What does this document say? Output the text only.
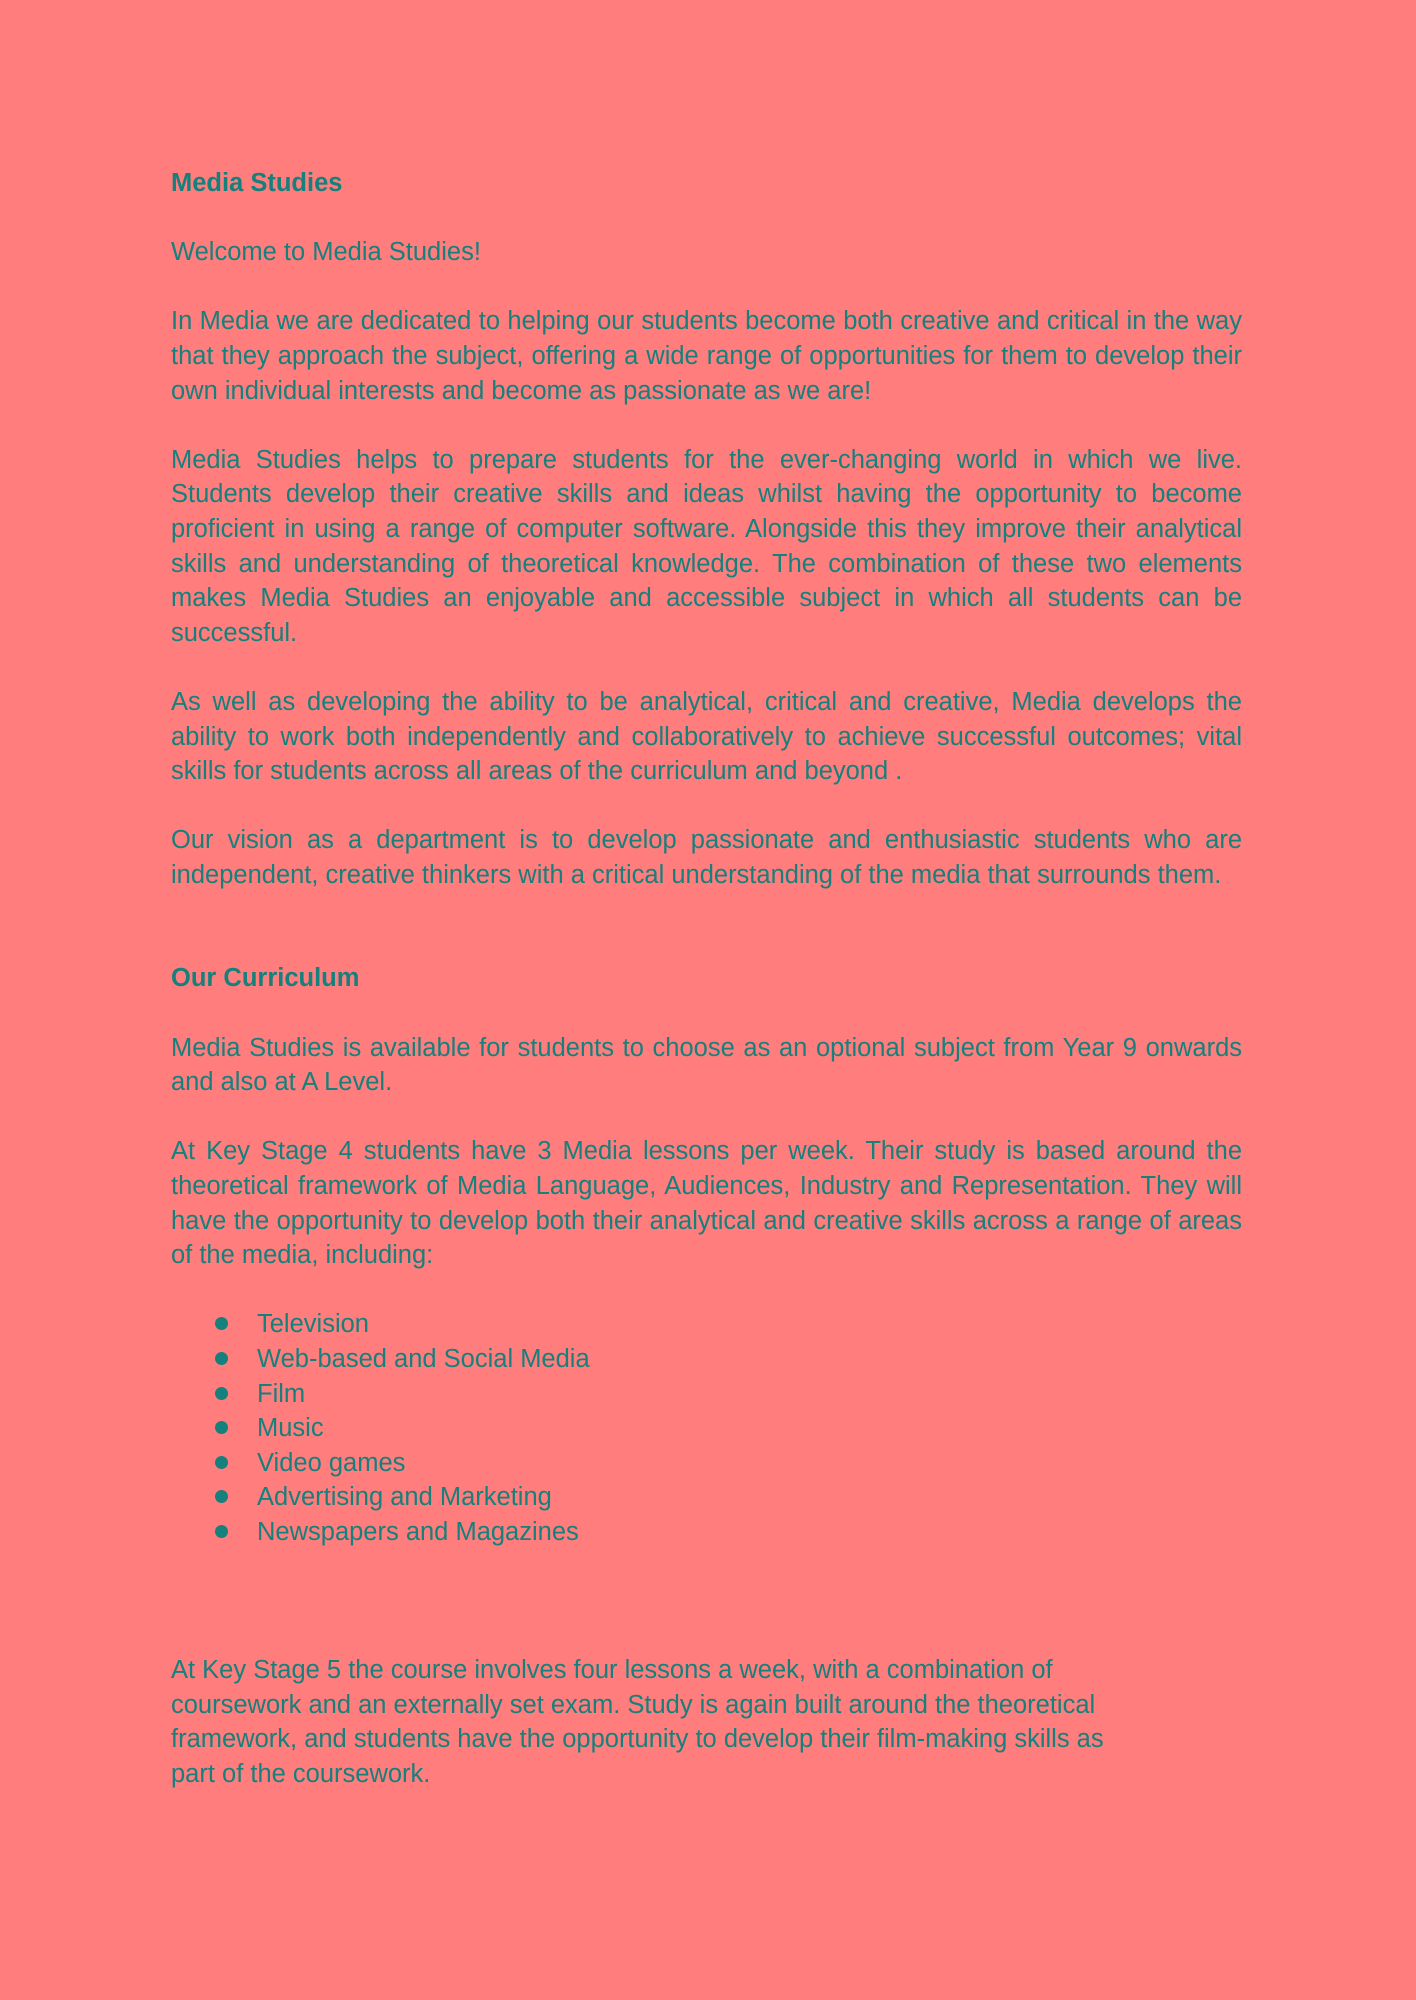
Media Studies

Welcome to Media Studies!

In Media we are dedicated to helping our students become both creative and critical in the way that they approach the subject, offering a wide range of opportunities for them to develop their own individual interests and become as passionate as we are!

Media Studies helps to prepare students for the ever-changing world in which we live. Students develop their creative skills and ideas whilst having the opportunity to become proficient in using a range of computer software. Alongside this they improve their analytical skills and understanding of theoretical knowledge. The combination of these two elements makes Media Studies an enjoyable and accessible subject in which all students can be successful.

As well as developing the ability to be analytical, critical and creative, Media develops the ability to work both independently and collaboratively to achieve successful outcomes; vital skills for students across all areas of the curriculum and beyond .

Our vision as a department is to develop passionate and enthusiastic students who are independent, creative thinkers with a critical understanding of the media that surrounds them.

Our Curriculum

Media Studies is available for students to choose as an optional subject from Year 9 onwards and also at A Level.

At Key Stage 4 students have 3 Media lessons per week. Their study is based around the theoretical framework of Media Language, Audiences, Industry and Representation. They will have the opportunity to develop both their analytical and creative skills across a range of areas of the media, including:

Television
Web-based and Social Media
Film
Music
Video games
Advertising and Marketing
Newspapers and Magazines

At Key Stage 5 the course involves four lessons a week, with a combination of coursework and an externally set exam. Study is again built around the theoretical framework, and students have the opportunity to develop their film-making skills as part of the coursework.
